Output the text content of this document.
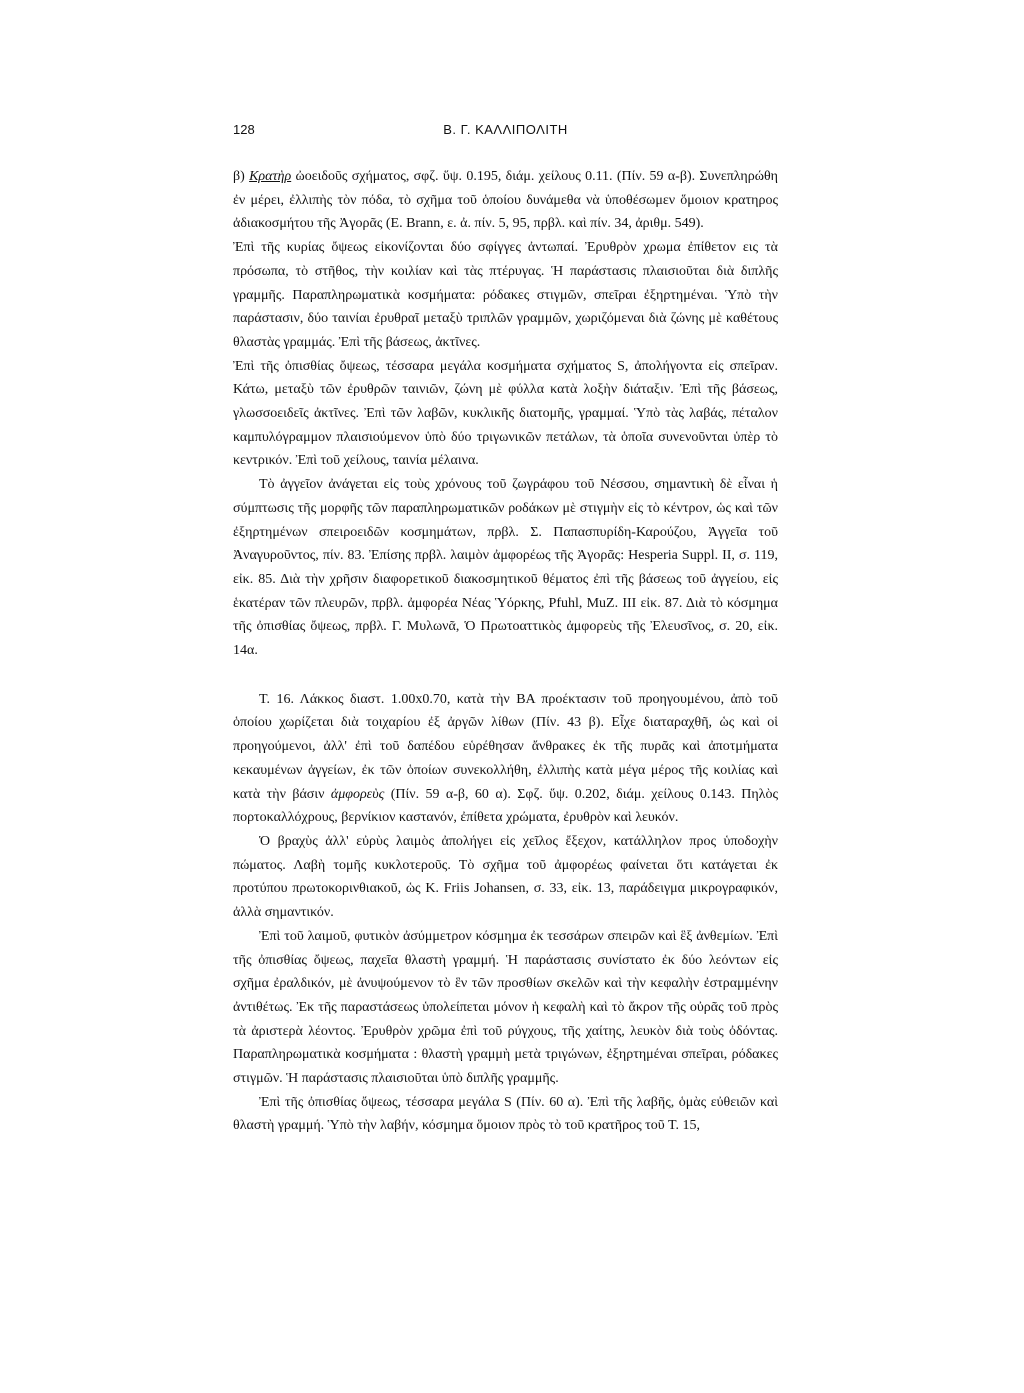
128	Β. Γ. ΚΑΛΛΙΠΟΛΙΤΗ

β) Κρατὴρ ὠοειδοῦς σχήματος, σφζ. ὕψ. 0.195, διάμ. χείλους 0.11. (Πίν. 59 α-β). Συνεπληρώθη ἐν μέρει, ἐλλιπὴς τὸν πόδα, τὸ σχῆμα τοῦ ὁποίου δυνάμεθα νὰ ὑποθέσωμεν ὅμοιον κρατηρος ἀδιακοσμήτου τῆς Ἀγορᾶς (E. Brann, ε. ἀ. πίν. 5, 95, πρβλ. καὶ πίν. 34, ἀριθμ. 549).

Ἐπὶ τῆς κυρίας ὄψεως εἰκονίζονται δύο σφίγγες ἀντωπαί. Ἐρυθρὸν χρωμα ἐπίθετον εις τὰ πρόσωπα, τὸ στῆθος, τὴν κοιλίαν καὶ τὰς πτέρυγας. Ἡ παράστασις πλαισιοῦται διὰ διπλῆς γραμμῆς. Παραπληρωματικὰ κοσμήματα: ρόδακες στιγμῶν, σπεῖραι ἐξηρτημέναι. Ὑπὸ τὴν παράστασιν, δύο ταινίαι ἐρυθραῖ μεταξὺ τριπλῶν γραμμῶν, χωριζόμεναι διὰ ζώνης μὲ καθέτους θλαστὰς γραμμάς. Ἐπὶ τῆς βάσεως, ἀκτῖνες.

Ἐπὶ τῆς ὀπισθίας ὄψεως, τέσσαρα μεγάλα κοσμήματα σχήματος S, ἀπολήγοντα εἰς σπεῖραν. Κάτω, μεταξὺ τῶν ἐρυθρῶν ταινιῶν, ζώνη μὲ φύλλα κατὰ λοξὴν διάταξιν. Ἐπὶ τῆς βάσεως, γλωσσοειδεῖς ἀκτῖνες. Ἐπὶ τῶν λαβῶν, κυκλικῆς διατομῆς, γραμμαί. Ὑπὸ τὰς λαβάς, πέταλον καμπυλόγραμμον πλαισιούμενον ὑπὸ δύο τριγωνικῶν πετάλων, τὰ ὁποῖα συνενοῦνται ὑπὲρ τὸ κεντρικόν. Ἐπὶ τοῦ χείλους, ταινία μέλαινα.

Τὸ ἀγγεῖον ἀνάγεται εἰς τοὺς χρόνους τοῦ ζωγράφου τοῦ Νέσσου, σημαντικὴ δὲ εἶναι ἡ σύμπτωσις τῆς μορφῆς τῶν παραπληρωματικῶν ροδάκων μὲ στιγμὴν εἰς τὸ κέντρον, ὡς καὶ τῶν ἐξηρτημένων σπειροειδῶν κοσμημάτων, πρβλ. Σ. Παπασπυρίδη-Καρούζου, Ἀγγεῖα τοῦ Ἀναγυροῦντος, πίν. 83. Ἐπίσης πρβλ. λαιμὸν ἀμφορέως τῆς Ἀγορᾶς: Hesperia Suppl. II, σ. 119, εἰκ. 85. Διὰ τὴν χρῆσιν διαφορετικοῦ διακοσμητικοῦ θέματος ἐπὶ τῆς βάσεως τοῦ ἀγγείου, εἰς ἑκατέραν τῶν πλευρῶν, πρβλ. ἀμφορέα Νέας Ὑόρκης, Pfuhl, MuZ. III εἰκ. 87. Διὰ τὸ κόσμημα τῆς ὀπισθίας ὄψεως, πρβλ. Γ. Μυλωνᾶ, Ὁ Πρωτοαττικὸς ἀμφορεὺς τῆς Ἐλευσῖνος, σ. 20, εἰκ. 14α.

Τ. 16. Λάκκος διαστ. 1.00x0.70, κατὰ τὴν ΒΑ προέκτασιν τοῦ προηγουμένου, ἀπὸ τοῦ ὁποίου χωρίζεται διὰ τοιχαρίου ἐξ ἀργῶν λίθων (Πίν. 43 β). Εἶχε διαταραχθῆ, ὡς καὶ οἱ προηγούμενοι, ἀλλ' ἐπὶ τοῦ δαπέδου εὑρέθησαν ἄνθρακες ἐκ τῆς πυρᾶς καὶ ἀποτμήματα κεκαυμένων ἀγγείων, ἐκ τῶν ὁποίων συνεκολλήθη, ἐλλιπὴς κατὰ μέγα μέρος τῆς κοιλίας καὶ κατὰ τὴν βάσιν ἀμφορεὺς (Πίν. 59 α-β, 60 α). Σφζ. ὕψ. 0.202, διάμ. χείλους 0.143. Πηλὸς πορτοκαλλόχρους, βερνίκιον καστανόν, ἐπίθετα χρώματα, ἐρυθρὸν καὶ λευκόν.

Ὁ βραχὺς ἀλλ' εὐρὺς λαιμὸς ἀπολήγει εἰς χεῖλος ἔξεχον, κατάλληλον προς ὑποδοχὴν πώματος. Λαβὴ τομῆς κυκλοτεροῦς. Τὸ σχῆμα τοῦ ἀμφορέως φαίνεται ὅτι κατάγεται ἐκ προτύπου πρωτοκορινθιακοῦ, ὡς K. Friis Johansen, σ. 33, εἰκ. 13, παράδειγμα μικρογραφικόν, ἀλλὰ σημαντικόν.

Ἐπὶ τοῦ λαιμοῦ, φυτικὸν ἀσύμμετρον κόσμημα ἐκ τεσσάρων σπειρῶν καὶ ἓξ ἀνθεμίων. Ἐπὶ τῆς ὀπισθίας ὄψεως, παχεῖα θλαστὴ γραμμή. Ἡ παράστασις συνίστατο ἐκ δύο λεόντων εἰς σχῆμα ἐραλδικόν, μὲ ἀνυψούμενον τὸ ἓν τῶν προσθίων σκελῶν καὶ τὴν κεφαλὴν ἐστραμμένην ἀντιθέτως. Ἐκ τῆς παραστάσεως ὑπολείπεται μόνον ἡ κεφαλὴ καὶ τὸ ἄκρον τῆς οὐρᾶς τοῦ πρὸς τὰ ἀριστερὰ λέοντος. Ἐρυθρὸν χρῶμα ἐπὶ τοῦ ρύγχους, τῆς χαίτης, λευκὸν διὰ τοὺς ὀδόντας. Παραπληρωματικὰ κοσμήματα : θλαστὴ γραμμὴ μετὰ τριγώνων, ἐξηρτημέναι σπεῖραι, ρόδακες στιγμῶν. Ἡ παράστασις πλαισιοῦται ὑπὸ διπλῆς γραμμῆς.

Ἐπὶ τῆς ὀπισθίας ὄψεως, τέσσαρα μεγάλα S (Πίν. 60 α). Ἐπὶ τῆς λαβῆς, ὁμὰς εὐθειῶν καὶ θλαστὴ γραμμή. Ὑπὸ τὴν λαβήν, κόσμημα ὅμοιον πρὸς τὸ τοῦ κρατῆρος τοῦ Τ. 15,
